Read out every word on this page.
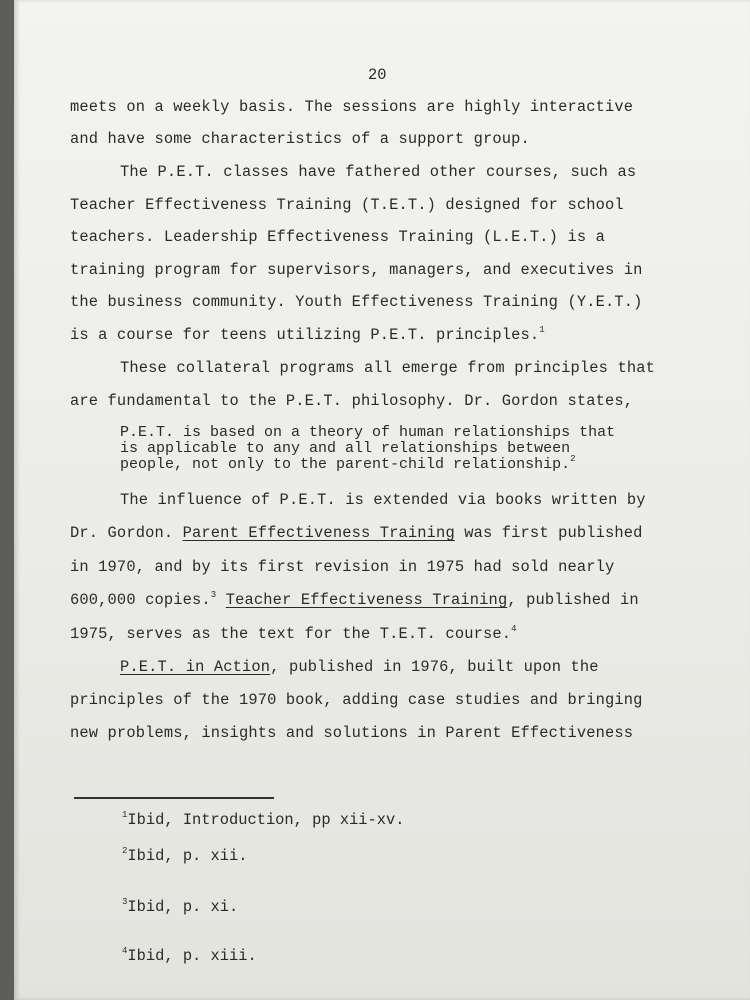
20
meets on a weekly basis. The sessions are highly interactive
and have some characteristics of a support group.
The P.E.T. classes have fathered other courses, such as
Teacher Effectiveness Training (T.E.T.) designed for school
teachers. Leadership Effectiveness Training (L.E.T.) is a
training program for supervisors, managers, and executives in
the business community. Youth Effectiveness Training (Y.E.T.)
is a course for teens utilizing P.E.T. principles.$^1$
These collateral programs all emerge from principles that
are fundamental to the P.E.T. philosophy. Dr. Gordon states,
P.E.T. is based on a theory of human relationships that
is applicable to any and all relationships between
people, not only to the parent-child relationship.$^2$
The influence of P.E.T. is extended via books written by
Dr. Gordon. Parent Effectiveness Training was first published
in 1970, and by its first revision in 1975 had sold nearly
600,000 copies.$^3$ Teacher Effectiveness Training, published in
1975, serves as the text for the T.E.T. course.$^4$
P.E.T. in Action, published in 1976, built upon the
principles of the 1970 book, adding case studies and bringing
new problems, insights and solutions in Parent Effectiveness
$^1$Ibid, Introduction, pp xii-xv.
$^2$Ibid, p. xii.
$^3$Ibid, p. xi.
$^4$Ibid, p. xiii.
